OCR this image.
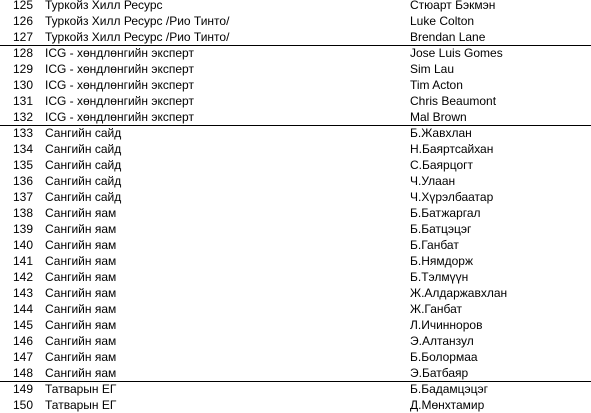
125 Туркойз Хилл Ресурс	Стюарт Бэкмэн
126 Туркойз Хилл Ресурс /Рио Тинто/	Luke Colton
127 Туркойз Хилл Ресурс /Рио Тинто/	Brendan Lane
128 ICG - хөндлөнгийн эксперт	Jose Luis Gomes
129 ICG - хөндлөнгийн эксперт	Sim Lau
130 ICG - хөндлөнгийн эксперт	Tim Acton
131 ICG - хөндлөнгийн эксперт	Chris Beaumont
132 ICG - хөндлөнгийн эксперт	Mal Brown
133 Сангийн сайд	Б.Жавхлан
134 Сангийн сайд	Н.Баяртсайхан
135 Сангийн сайд	С.Баярцогт
136 Сангийн сайд	Ч.Улаан
137 Сангийн сайд	Ч.Хүрэлбаатар
138 Сангийн яам	Б.Батжаргал
139 Сангийн яам	Б.Батцэцэг
140 Сангийн яам	Б.Ганбат
141 Сангийн яам	Б.Нямдорж
142 Сангийн яам	Б.Тэлмүүн
143 Сангийн яам	Ж.Алдаржавхлан
144 Сангийн яам	Ж.Ганбат
145 Сангийн яам	Л.Ичинноров
146 Сангийн яам	Э.Алтанзул
147 Сангийн яам	Б.Болормаа
148 Сангийн яам	Э.Батбаяр
149 Татварын ЕГ	Б.Бадамцэцэг
150 Татварын ЕГ	Д.Мөнхтамир
